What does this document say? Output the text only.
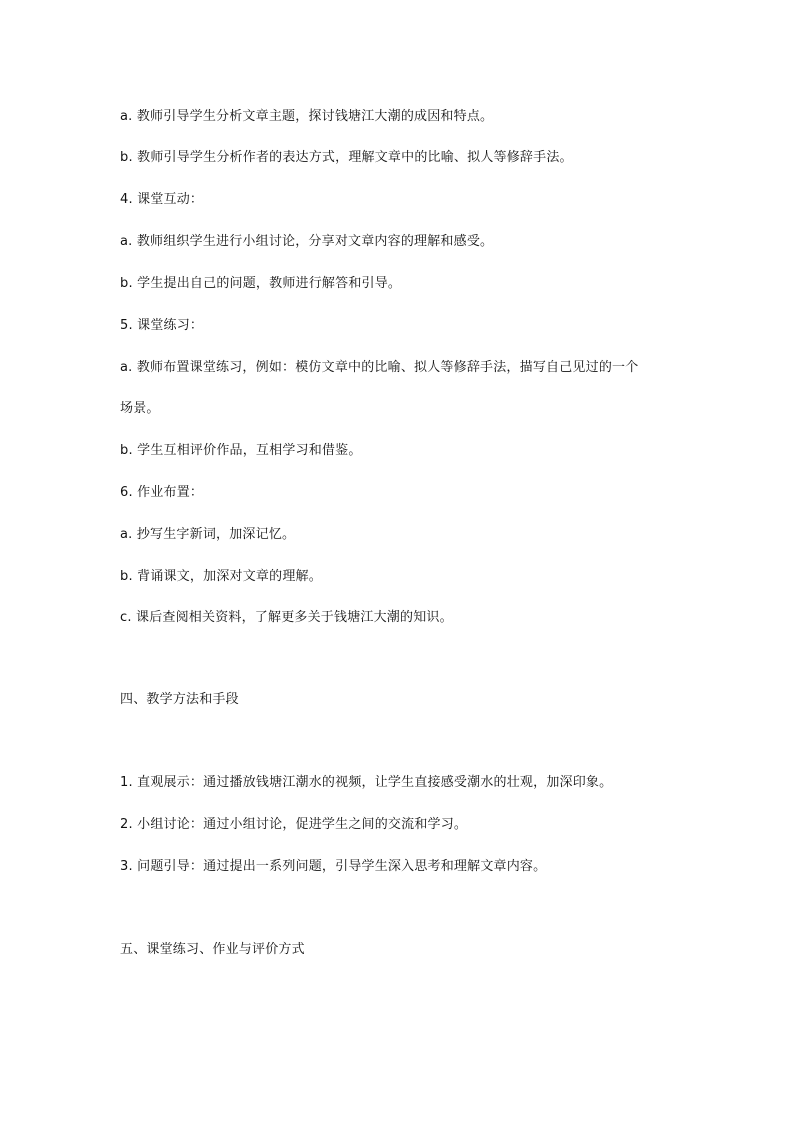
a. 教师引导学生分析文章主题，探讨钱塘江大潮的成因和特点。
b. 教师引导学生分析作者的表达方式，理解文章中的比喻、拟人等修辞手法。
4. 课堂互动：
a. 教师组织学生进行小组讨论，分享对文章内容的理解和感受。
b. 学生提出自己的问题，教师进行解答和引导。
5. 课堂练习：
a. 教师布置课堂练习，例如：模仿文章中的比喻、拟人等修辞手法，描写自己见过的一个
场景。
b. 学生互相评价作品，互相学习和借鉴。
6. 作业布置：
a. 抄写生字新词，加深记忆。
b. 背诵课文，加深对文章的理解。
c. 课后查阅相关资料，了解更多关于钱塘江大潮的知识。
四、教学方法和手段
1. 直观展示：通过播放钱塘江潮水的视频，让学生直接感受潮水的壮观，加深印象。
2. 小组讨论：通过小组讨论，促进学生之间的交流和学习。
3. 问题引导：通过提出一系列问题，引导学生深入思考和理解文章内容。
五、课堂练习、作业与评价方式
